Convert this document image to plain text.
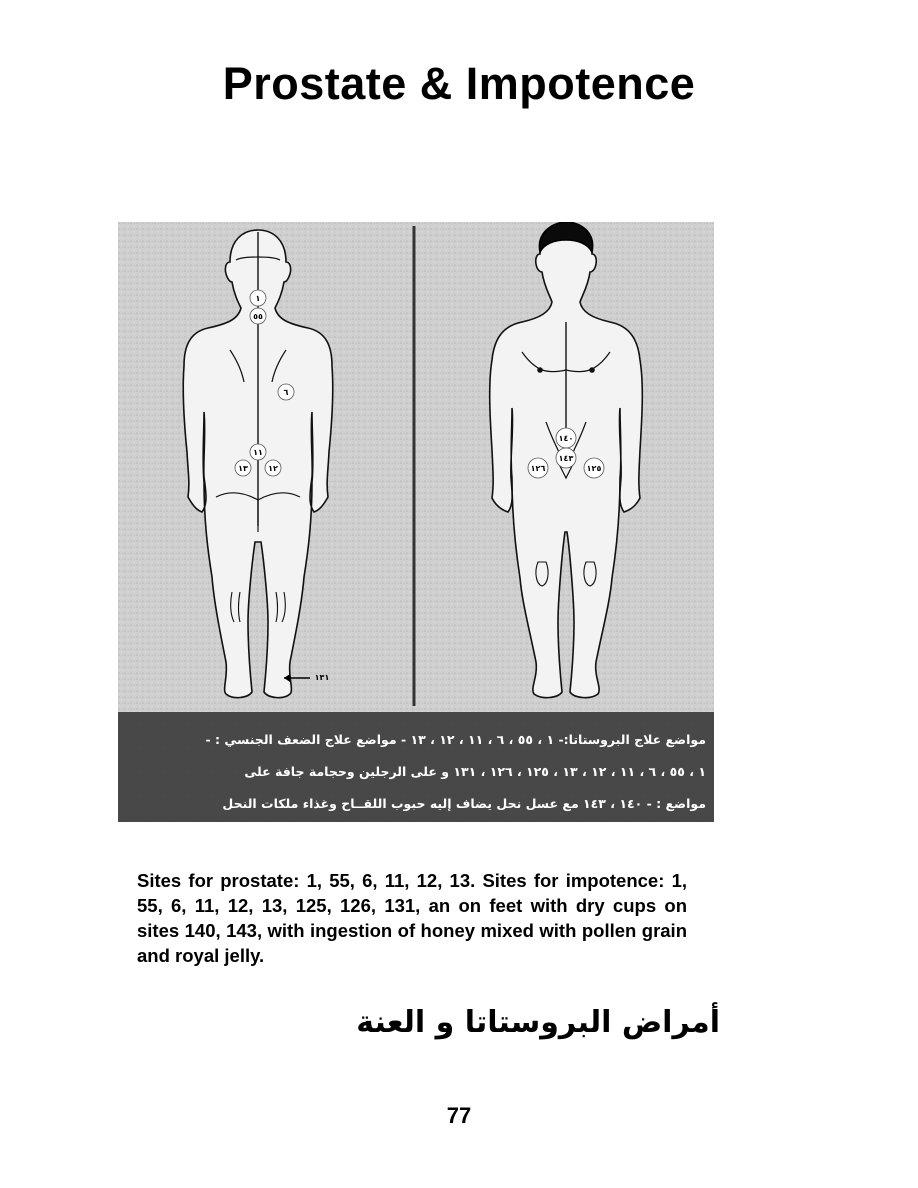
Prostate & Impotence
١
٥٥
٦
١١
١٣	١٢
١٣١
١٤٠
١٤٣
١٢٦	١٢٥
مواضع علاج البروستاتا:- ١ ، ٥٥ ، ٦ ، ١١ ، ١٢ ، ١٣ - مواضع علاج الضعف الجنسي : -
١ ، ٥٥ ، ٦ ، ١١ ، ١٢ ، ١٣ ، ١٢٥ ، ١٢٦ ، ١٣١ و على الرجلين وحجامة جافة على
مواضع : - ١٤٠ ، ١٤٣ مع عسل نحل يضاف إليه حبوب اللقــاح وغذاء ملكات النحل
Sites for prostate: 1, 55, 6, 11, 12, 13. Sites for impotence: 1, 55, 6, 11, 12, 13, 125, 126, 131, an on feet with dry cups on sites 140, 143, with ingestion of honey mixed with pollen grain and royal jelly.
أمراض البروستاتا و العنة
77
